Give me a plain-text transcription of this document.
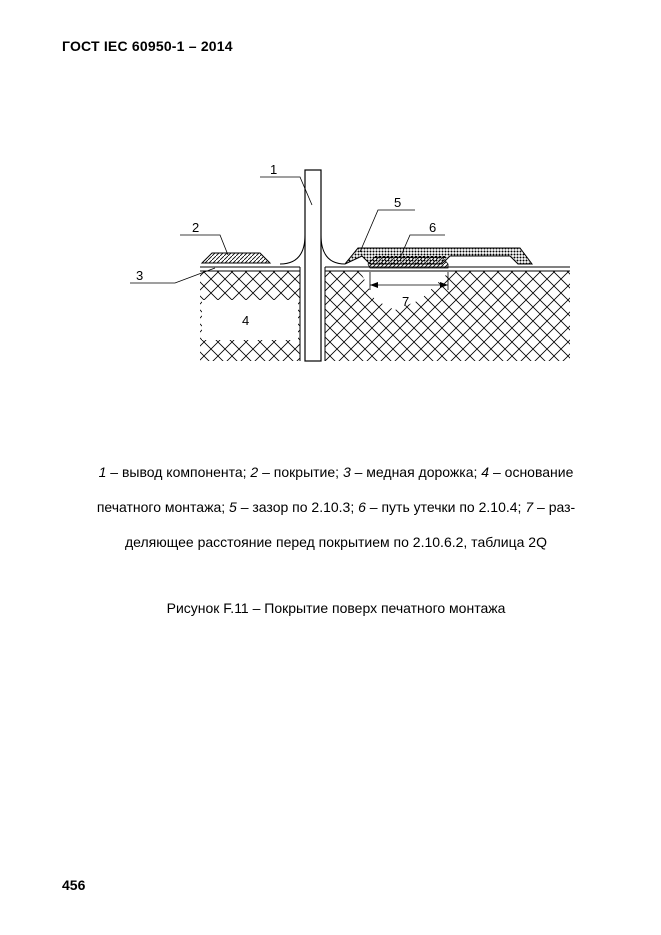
ГОСТ IEC 60950-1 – 2014
1
2
3
4
5
6
7
1 – вывод компонента; 2 – покрытие; 3 – медная дорожка; 4 – основание
печатного монтажа; 5 – зазор по 2.10.3; 6 – путь утечки по 2.10.4; 7 – раз-
деляющее расстояние перед покрытием по 2.10.6.2, таблица 2Q
Рисунок F.11 – Покрытие поверх печатного монтажа
456
